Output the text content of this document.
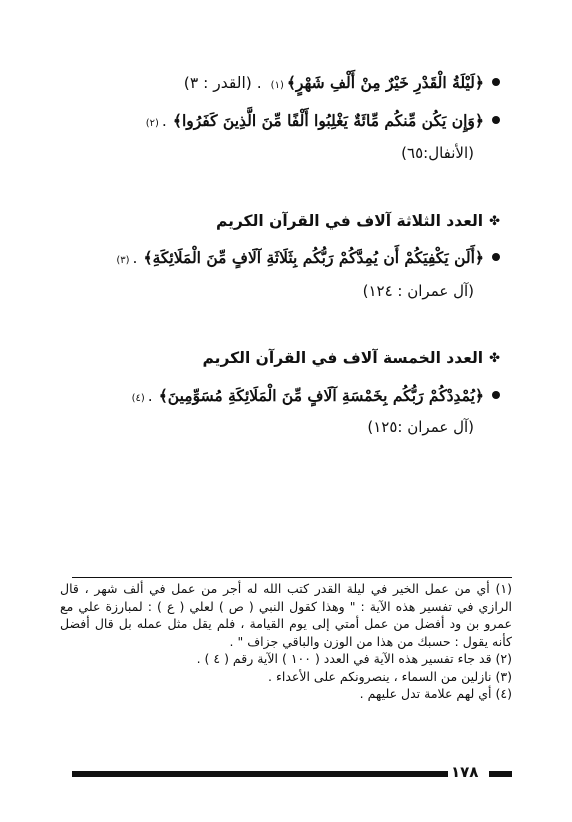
﴿لَيْلَةُ الْقَدْرِ خَيْرٌ مِنْ أَلْفِ شَهْرٍ﴾
(١)
. (القدر : ٣)
﴿وَإِن يَكُن مِّنكُم مِّائَةٌ يَغْلِبُوا أَلْفًا مِّنَ الَّذِينَ كَفَرُوا﴾
.
(٢)
(الأنفال:٦٥)
✤
العدد الثلاثة آلاف في القرآن الكريم
﴿أَلَن يَكْفِيَكُمْ أَن يُمِدَّكُمْ رَبُّكُم بِثَلَاثَةِ آلَافٍ مِّنَ الْمَلَائِكَةِ﴾
.
(٣)
(آل عمران : ١٢٤)
✤
العدد الخمسة آلاف في القرآن الكريم
﴿يُمْدِدْكُمْ رَبُّكُم بِخَمْسَةِ آلَافٍ مِّنَ الْمَلَائِكَةِ مُسَوِّمِينَ﴾
.
(٤)
(آل عمران :١٢٥)

(١) أي من عمل الخير في ليلة القدر كتب الله له أجر من عمل في ألف شهر ، قال الرازي في تفسير هذه الآية : " وهذا كقول النبي ( ص ) لعلي ( ع ) : لمبارزة علي مع عمرو بن ود أفضل من عمل أمتي إلى يوم القيامة ، فلم يقل مثل عمله بل قال أفضل كأنه يقول : حسبك من هذا من الوزن والباقي جزاف " .

(٢) قد جاء تفسير هذه الآية في العدد ( ١٠٠ ) الآية رقم ( ٤ ) .

(٣) نازلين من السماء ، ينصرونكم على الأعداء .

(٤) أي لهم علامة تدل عليهم .

١٧٨
